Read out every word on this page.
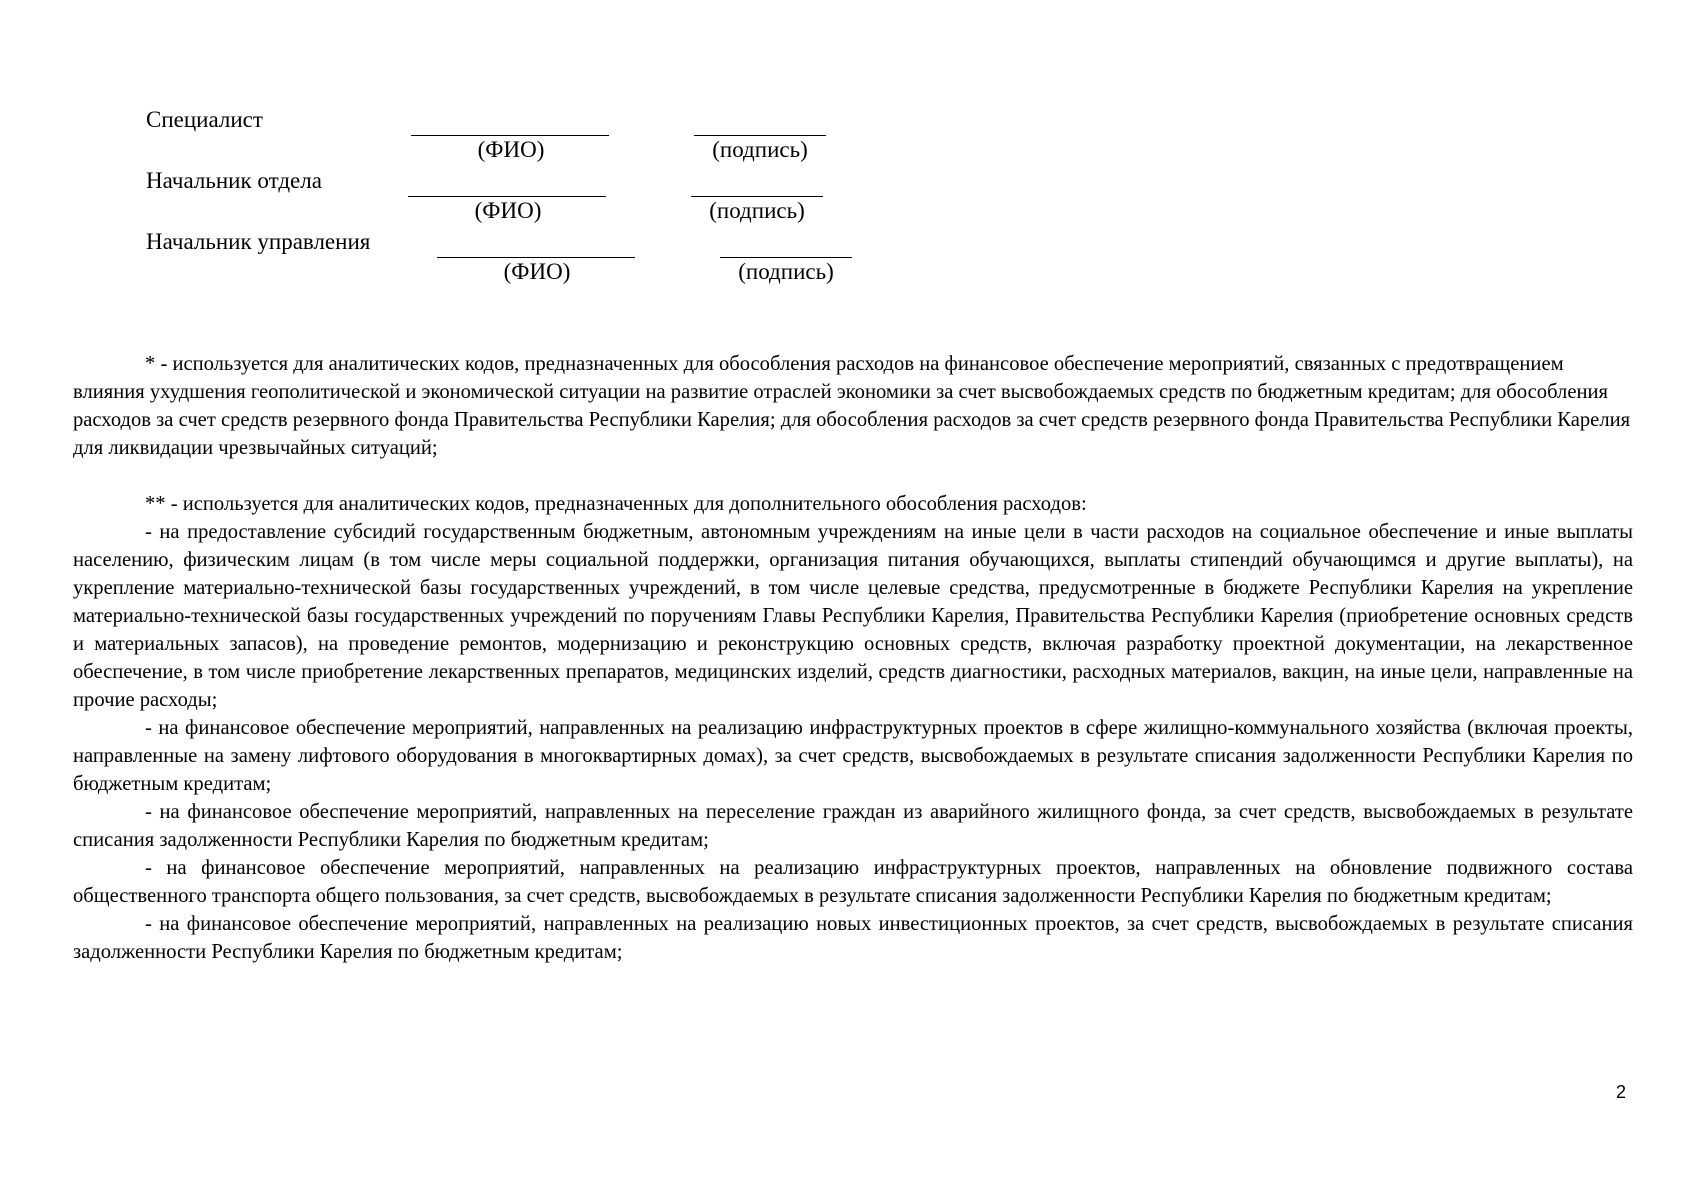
Специалист
(ФИО)	(подпись)
Начальник отдела
(ФИО)	(подпись)
Начальник управления
(ФИО)	(подпись)

* - используется для аналитических кодов, предназначенных для обособления расходов на финансовое обеспечение мероприятий, связанных с предотвращением влияния ухудшения геополитической и экономической ситуации на развитие отраслей экономики за счет высвобождаемых средств по бюджетным кредитам; для обособления расходов за счет средств резервного фонда Правительства Республики Карелия; для обособления расходов за счет средств резервного фонда Правительства Республики Карелия для ликвидации чрезвычайных ситуаций;

** - используется для аналитических кодов, предназначенных для дополнительного обособления расходов:

- на предоставление субсидий государственным бюджетным, автономным учреждениям на иные цели в части расходов на социальное обеспечение и иные выплаты населению, физическим лицам (в том числе меры социальной поддержки, организация питания обучающихся, выплаты стипендий обучающимся и другие выплаты), на укрепление материально-технической базы государственных учреждений, в том числе целевые средства, предусмотренные в бюджете Республики Карелия на укрепление материально-технической базы государственных учреждений по поручениям Главы Республики Карелия, Правительства Республики Карелия (приобретение основных средств и материальных запасов), на проведение ремонтов, модернизацию и реконструкцию основных средств, включая разработку проектной документации, на лекарственное обеспечение, в том числе приобретение лекарственных препаратов, медицинских изделий, средств диагностики, расходных материалов, вакцин, на иные цели, направленные на прочие расходы;

- на финансовое обеспечение мероприятий, направленных на реализацию инфраструктурных проектов в сфере жилищно-коммунального хозяйства (включая проекты, направленные на замену лифтового оборудования в многоквартирных домах), за счет средств, высвобождаемых в результате списания задолженности Республики Карелия по бюджетным кредитам;

- на финансовое обеспечение мероприятий, направленных на переселение граждан из аварийного жилищного фонда, за счет средств, высвобождаемых в результате списания задолженности Республики Карелия по бюджетным кредитам;

- на финансовое обеспечение мероприятий, направленных на реализацию инфраструктурных проектов, направленных на обновление подвижного состава общественного транспорта общего пользования, за счет средств, высвобождаемых в результате списания задолженности Республики Карелия по бюджетным кредитам;

- на финансовое обеспечение мероприятий, направленных на реализацию новых инвестиционных проектов, за счет средств, высвобождаемых в результате списания задолженности Республики Карелия по бюджетным кредитам;

2
